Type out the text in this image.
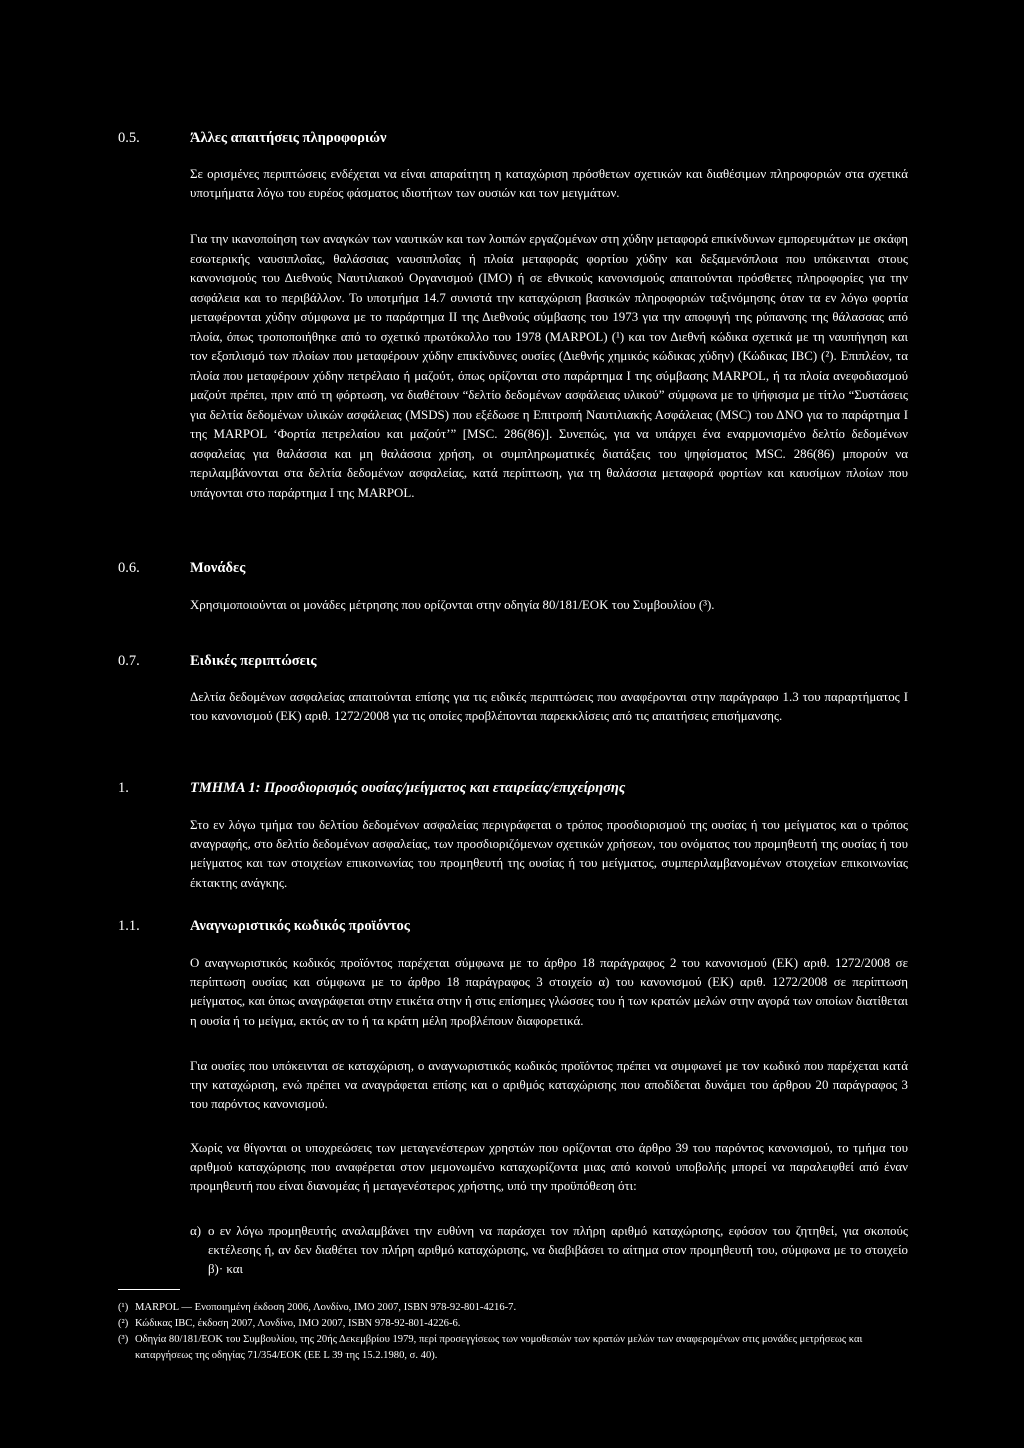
0.5.	Άλλες απαιτήσεις πληροφοριών

Σε ορισμένες περιπτώσεις ενδέχεται να είναι απαραίτητη η καταχώριση πρόσθετων σχετικών και διαθέσιμων πληροφοριών στα σχετικά υποτμήματα λόγω του ευρέος φάσματος ιδιοτήτων των ουσιών και των μειγμάτων.

Για την ικανοποίηση των αναγκών των ναυτικών και των λοιπών εργαζομένων στη χύδην μεταφορά επικίνδυνων εμπορευμάτων με σκάφη εσωτερικής ναυσιπλοΐας, θαλάσσιας ναυσιπλοΐας ή πλοία μεταφοράς φορτίου χύδην και δεξαμενόπλοια που υπόκεινται στους κανονισμούς του Διεθνούς Ναυτιλιακού Οργανισμού (IMO) ή σε εθνικούς κανονισμούς απαιτούνται πρόσθετες πληροφορίες για την ασφάλεια και το περιβάλλον. Το υποτμήμα 14.7 συνιστά την καταχώριση βασικών πληροφοριών ταξινόμησης όταν τα εν λόγω φορτία μεταφέρονται χύδην σύμφωνα με το παράρτημα II της Διεθνούς σύμβασης του 1973 για την αποφυγή της ρύπανσης της θάλασσας από πλοία, όπως τροποποιήθηκε από το σχετικό πρωτόκολλο του 1978 (MARPOL) (¹) και τον Διεθνή κώδικα σχετικά με τη ναυπήγηση και τον εξοπλισμό των πλοίων που μεταφέρουν χύδην επικίνδυνες ουσίες (Διεθνής χημικός κώδικας χύδην) (Κώδικας IBC) (²). Επιπλέον, τα πλοία που μεταφέρουν χύδην πετρέλαιο ή μαζούτ, όπως ορίζονται στο παράρτημα I της σύμβασης MARPOL, ή τα πλοία ανεφοδιασμού μαζούτ πρέπει, πριν από τη φόρτωση, να διαθέτουν “δελτίο δεδομένων ασφάλειας υλικού” σύμφωνα με το ψήφισμα με τίτλο “Συστάσεις για δελτία δεδομένων υλικών ασφάλειας (MSDS) που εξέδωσε η Επιτροπή Ναυτιλιακής Ασφάλειας (MSC) του ΔΝΟ για το παράρτημα I της MARPOL ‘Φορτία πετρελαίου και μαζούτ’” [MSC. 286(86)]. Συνεπώς, για να υπάρχει ένα εναρμονισμένο δελτίο δεδομένων ασφαλείας για θαλάσσια και μη θαλάσσια χρήση, οι συμπληρωματικές διατάξεις του ψηφίσματος MSC. 286(86) μπορούν να περιλαμβάνονται στα δελτία δεδομένων ασφαλείας, κατά περίπτωση, για τη θαλάσσια μεταφορά φορτίων και καυσίμων πλοίων που υπάγονται στο παράρτημα I της MARPOL.

0.6.	Μονάδες

Χρησιμοποιούνται οι μονάδες μέτρησης που ορίζονται στην οδηγία 80/181/ΕΟΚ του Συμβουλίου (³).

0.7.	Ειδικές περιπτώσεις

Δελτία δεδομένων ασφαλείας απαιτούνται επίσης για τις ειδικές περιπτώσεις που αναφέρονται στην παράγραφο 1.3 του παραρτήματος I του κανονισμού (ΕΚ) αριθ. 1272/2008 για τις οποίες προβλέπονται παρεκκλίσεις από τις απαιτήσεις επισήμανσης.

1.	ΤΜΗΜΑ 1: Προσδιορισμός ουσίας/μείγματος και εταιρείας/επιχείρησης

Στο εν λόγω τμήμα του δελτίου δεδομένων ασφαλείας περιγράφεται ο τρόπος προσδιορισμού της ουσίας ή του μείγματος και ο τρόπος αναγραφής, στο δελτίο δεδομένων ασφαλείας, των προσδιοριζόμενων σχετικών χρήσεων, του ονόματος του προμηθευτή της ουσίας ή του μείγματος και των στοιχείων επικοινωνίας του προμηθευτή της ουσίας ή του μείγματος, συμπεριλαμβανομένων στοιχείων επικοινωνίας έκτακτης ανάγκης.

1.1.	Αναγνωριστικός κωδικός προϊόντος

Ο αναγνωριστικός κωδικός προϊόντος παρέχεται σύμφωνα με το άρθρο 18 παράγραφος 2 του κανονισμού (ΕΚ) αριθ. 1272/2008 σε περίπτωση ουσίας και σύμφωνα με το άρθρο 18 παράγραφος 3 στοιχείο α) του κανονισμού (ΕΚ) αριθ. 1272/2008 σε περίπτωση μείγματος, και όπως αναγράφεται στην ετικέτα στην ή στις επίσημες γλώσσες του ή των κρατών μελών στην αγορά των οποίων διατίθεται η ουσία ή το μείγμα, εκτός αν το ή τα κράτη μέλη προβλέπουν διαφορετικά.

Για ουσίες που υπόκεινται σε καταχώριση, ο αναγνωριστικός κωδικός προϊόντος πρέπει να συμφωνεί με τον κωδικό που παρέχεται κατά την καταχώριση, ενώ πρέπει να αναγράφεται επίσης και ο αριθμός καταχώρισης που αποδίδεται δυνάμει του άρθρου 20 παράγραφος 3 του παρόντος κανονισμού.

Χωρίς να θίγονται οι υποχρεώσεις των μεταγενέστερων χρηστών που ορίζονται στο άρθρο 39 του παρόντος κανονισμού, το τμήμα του αριθμού καταχώρισης που αναφέρεται στον μεμονωμένο καταχωρίζοντα μιας από κοινού υποβολής μπορεί να παραλειφθεί από έναν προμηθευτή που είναι διανομέας ή μεταγενέστερος χρήστης, υπό την προϋπόθεση ότι:

α) ο εν λόγω προμηθευτής αναλαμβάνει την ευθύνη να παράσχει τον πλήρη αριθμό καταχώρισης, εφόσον του ζητηθεί, για σκοπούς εκτέλεσης ή, αν δεν διαθέτει τον πλήρη αριθμό καταχώρισης, να διαβιβάσει το αίτημα στον προμηθευτή του, σύμφωνα με το στοιχείο β)· και
(¹) MARPOL — Ενοποιημένη έκδοση 2006, Λονδίνο, IMO 2007, ISBN 978-92-801-4216-7.
(²) Κώδικας IBC, έκδοση 2007, Λονδίνο, IMO 2007, ISBN 978-92-801-4226-6.
(³) Οδηγία 80/181/ΕΟΚ του Συμβουλίου, της 20ής Δεκεμβρίου 1979, περί προσεγγίσεως των νομοθεσιών των κρατών μελών των αναφερομένων στις μονάδες μετρήσεως και καταργήσεως της οδηγίας 71/354/ΕΟΚ (ΕΕ L 39 της 15.2.1980, σ. 40).
